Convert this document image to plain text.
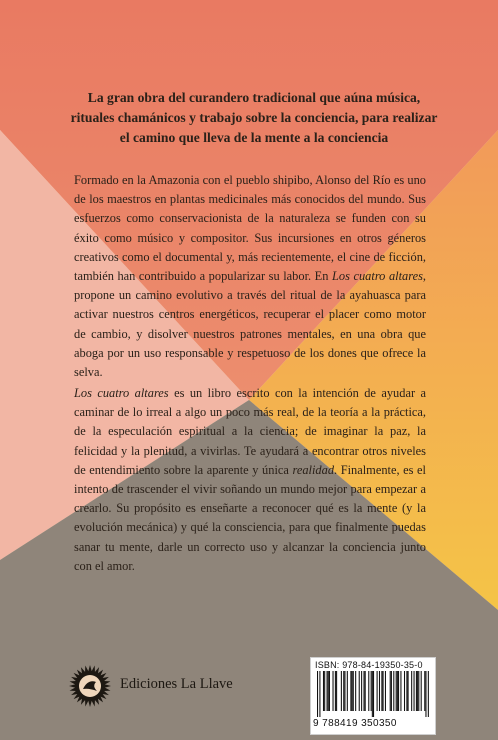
La gran obra del curandero tradicional que aúna música, rituales chamánicos y trabajo sobre la conciencia, para realizar el camino que lleva de la mente a la conciencia

Formado en la Amazonia con el pueblo shipibo, Alonso del Río es uno de los maestros en plantas medicinales más conocidos del mundo. Sus esfuerzos como conservacionista de la naturaleza se funden con su éxito como músico y compositor. Sus incursiones en otros géneros creativos como el documental y, más recientemente, el cine de ficción, también han contribuido a popularizar su labor. En Los cuatro altares, propone un camino evolutivo a través del ritual de la ayahuasca para activar nuestros centros energéticos, recuperar el placer como motor de cambio, y disolver nuestros patrones mentales, en una obra que aboga por un uso responsable y respetuoso de los dones que ofrece la selva.

Los cuatro altares es un libro escrito con la intención de ayudar a caminar de lo irreal a algo un poco más real, de la teoría a la práctica, de la especulación espiritual a la ciencia; de imaginar la paz, la felicidad y la plenitud, a vivirlas. Te ayudará a encontrar otros niveles de entendimiento sobre la aparente y única realidad. Finalmente, es el intento de trascender el vivir soñando un mundo mejor para empezar a crearlo. Su propósito es enseñarte a reconocer qué es la mente (y la evolución mecánica) y qué la consciencia, para que finalmente puedas sanar tu mente, darle un correcto uso y alcanzar la conciencia junto con el amor.

Ediciones La Llave
ISBN: 978-84-19350-35-0
9 788419 350350
